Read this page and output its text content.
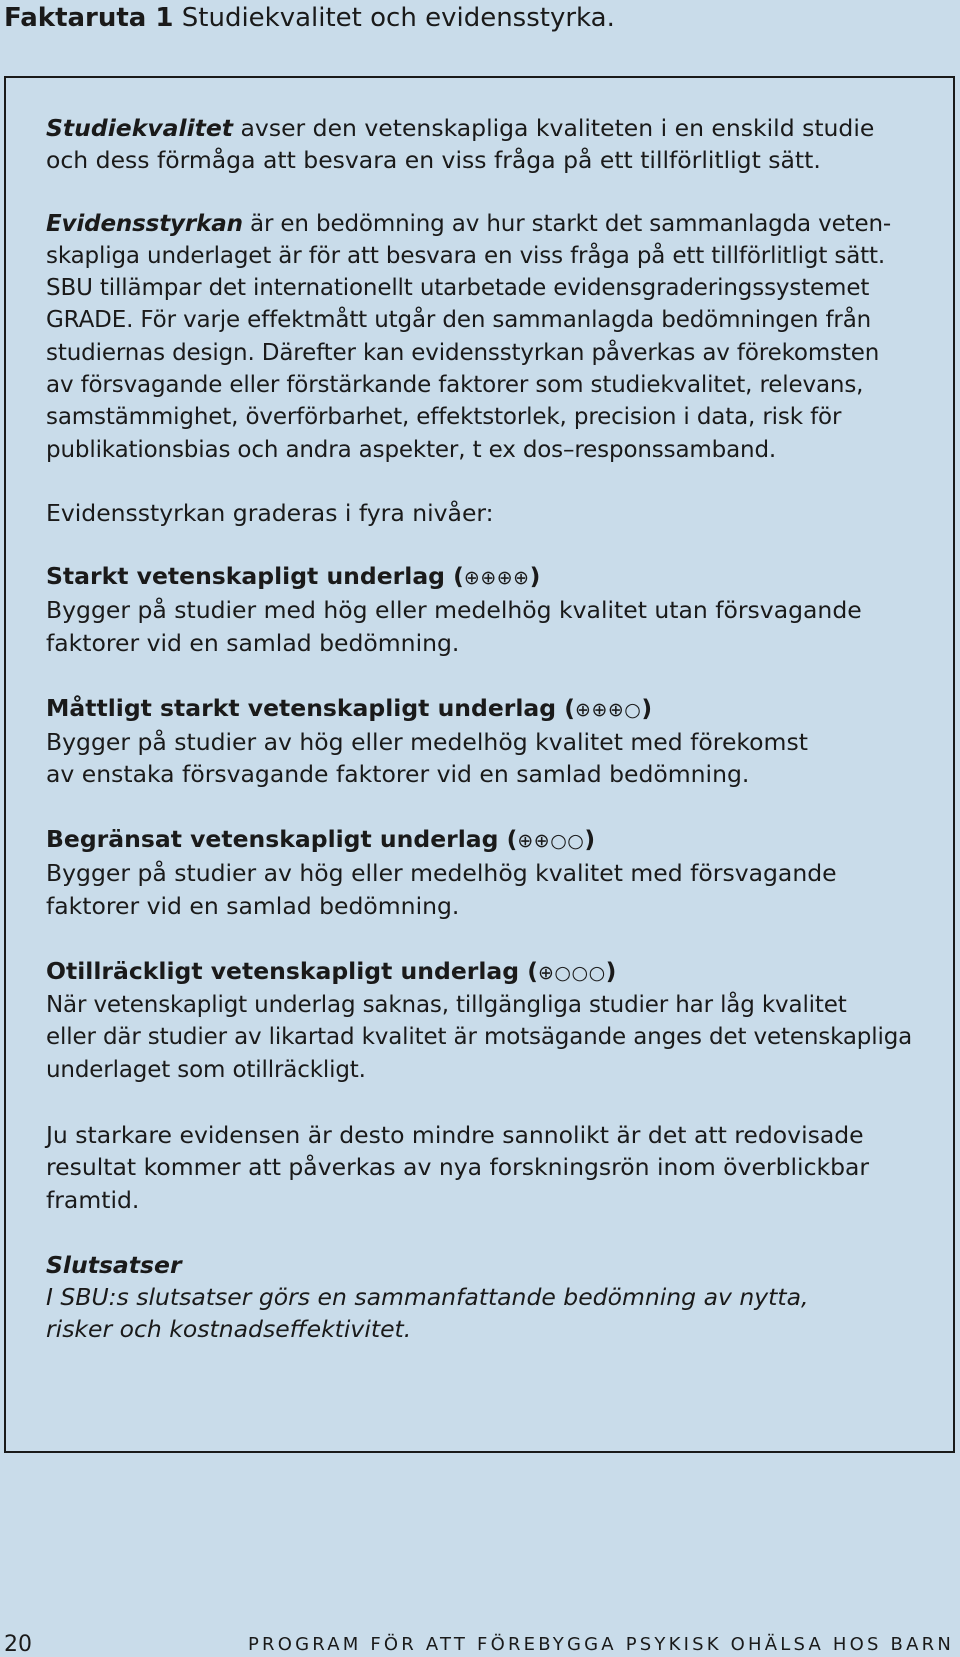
Faktaruta 1 Studiekvalitet och evidensstyrka.

Studiekvalitet avser den vetenskapliga kvaliteten i en enskild studie
och dess förmåga att besvara en viss fråga på ett tillförlitligt sätt.

Evidensstyrkan är en bedömning av hur starkt det sammanlagda veten-
skapliga underlaget är för att besvara en viss fråga på ett tillförlitligt sätt.
SBU tillämpar det internationellt utarbetade evidensgraderingssystemet
GRADE. För varje effektmått utgår den sammanlagda bedömningen från
studiernas design. Därefter kan evidensstyrkan påverkas av förekomsten
av försvagande eller förstärkande faktorer som studiekvalitet, relevans,
samstämmighet, överförbarhet, effektstorlek, precision i data, risk för
publikationsbias och andra aspekter, t ex dos–responssamband.

Evidensstyrkan graderas i fyra nivåer:

Starkt vetenskapligt underlag (⊕⊕⊕⊕)

Bygger på studier med hög eller medelhög kvalitet utan försvagande
faktorer vid en samlad bedömning.

Måttligt starkt vetenskapligt underlag (⊕⊕⊕○)

Bygger på studier av hög eller medelhög kvalitet med förekomst
av enstaka försvagande faktorer vid en samlad bedömning.

Begränsat vetenskapligt underlag (⊕⊕○○)

Bygger på studier av hög eller medelhög kvalitet med försvagande
faktorer vid en samlad bedömning.

Otillräckligt vetenskapligt underlag (⊕○○○)

När vetenskapligt underlag saknas, tillgängliga studier har låg kvalitet
eller där studier av likartad kvalitet är motsägande anges det vetenskapliga
underlaget som otillräckligt.

Ju starkare evidensen är desto mindre sannolikt är det att redovisade
resultat kommer att påverkas av nya forskningsrön inom överblickbar
framtid.

Slutsatser

I SBU:s slutsatser görs en sammanfattande bedömning av nytta,
risker och kostnadseffektivitet.

20	PROGRAM FÖR ATT FÖREBYGGA PSYKISK OHÄLSA HOS BARN
